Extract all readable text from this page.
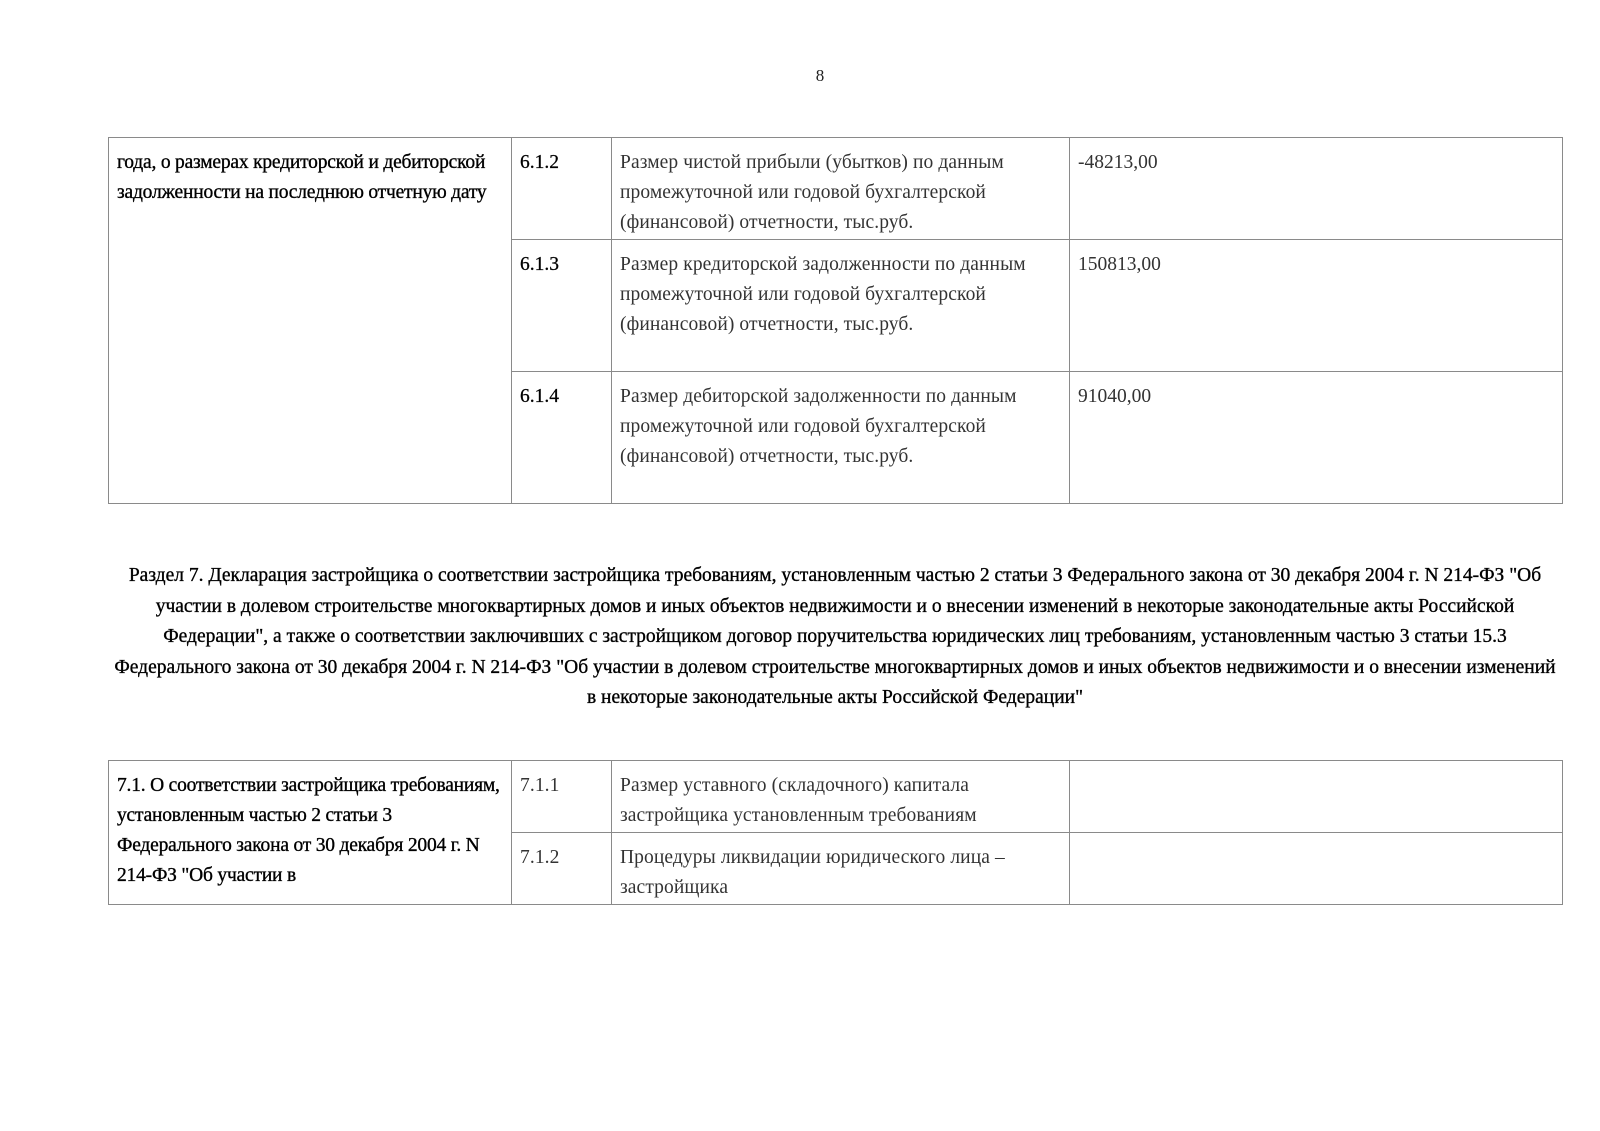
8
года, о размерах кредиторской и дебиторской задолженности на последнюю отчетную дату	6.1.2	Размер чистой прибыли (убытков) по данным промежуточной или годовой бухгалтерской (финансовой) отчетности, тыс.руб.	-48213,00
	6.1.3	Размер кредиторской задолженности по данным промежуточной или годовой бухгалтерской (финансовой) отчетности, тыс.руб.	150813,00
	6.1.4	Размер дебиторской задолженности по данным промежуточной или годовой бухгалтерской (финансовой) отчетности, тыс.руб.	91040,00
Раздел 7. Декларация застройщика о соответствии застройщика требованиям, установленным частью 2 статьи 3 Федерального закона от 30 декабря 2004 г. N 214-ФЗ "Об участии в долевом строительстве многоквартирных домов и иных объектов недвижимости и о внесении изменений в некоторые законодательные акты Российской Федерации", а также о соответствии заключивших с застройщиком договор поручительства юридических лиц требованиям, установленным частью 3 статьи 15.3 Федерального закона от 30 декабря 2004 г. N 214-ФЗ "Об участии в долевом строительстве многоквартирных домов и иных объектов недвижимости и о внесении изменений в некоторые законодательные акты Российской Федерации"
7.1. О соответствии застройщика требованиям, установленным частью 2 статьи 3 Федерального закона от 30 декабря 2004 г. N 214-ФЗ "Об участии в	7.1.1	Размер уставного (складочного) капитала застройщика установленным требованиям	
	7.1.2	Процедуры ликвидации юридического лица – застройщика	
